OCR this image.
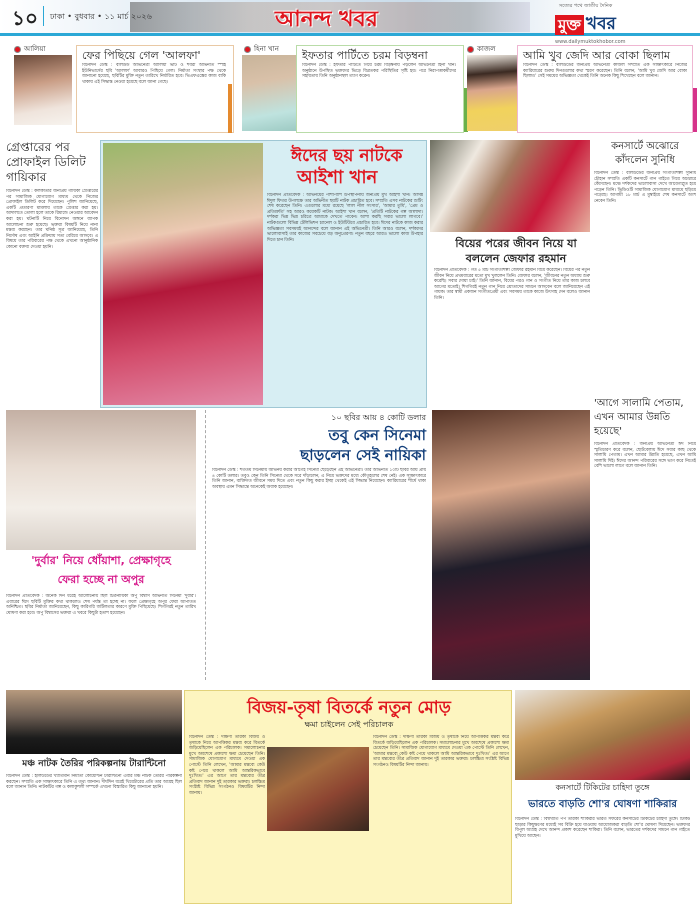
১০ ঢাকা • বুধবার • ১১ মার্চ ২০২৬	আনন্দ খবর	সত্যের পথে জাতীয় দৈনিক
মুক্ত খবর
www.dailymuktokhobor.com
আলিয়া	ফের পিছিয়ে গেল 'আলফা'
বিনোদন ডেস্ক : বলিউড অভিনেত্রী আলিয়া ভাট ও শর্বরী অভিনীত স্পাই ইউনিভার্সের ছবি 'আলফা' আবারও পিছিয়ে গেল। নির্মাতা সংস্থার পক্ষ থেকে জানানো হয়েছে, ছবিটির মুক্তি নতুন তারিখে নির্ধারিত হবে। ভিএফএক্সের কাজ বাকি থাকায় এই সিদ্ধান্ত নেওয়া হয়েছে বলে জানা গেছে।
হিনা খান ইফতার পার্টিতে চরম বিড়ম্বনা
বিনোদন ডেস্ক : ইফতার পার্টিতে গিয়ে চরম বিড়ম্বনায় পড়লেন অভিনেত্রী হিনা খান। অনুষ্ঠানে উপস্থিত ভক্তদের ভিড়ে বিব্রতকর পরিস্থিতির সৃষ্টি হয়। পরে নিরাপত্তাকর্মীদের সহায়তায় তিনি অনুষ্ঠানস্থল ত্যাগ করেন।
কাজল	আমি খুব জেদি আর বোকা ছিলাম
বিনোদন ডেস্ক : বলিউডের জনপ্রিয় অভিনেত্রী কাজল সম্প্রতি এক সাক্ষাৎকারে নিজের ক্যারিয়ারের শুরুর দিনগুলোর কথা স্মরণ করেছেন। তিনি বলেন, 'আমি খুব জেদি আর বোকা ছিলাম।' সেই সময়ের অভিজ্ঞতা থেকেই তিনি অনেক কিছু শিখেছেন বলে জানান।
গ্রেপ্তারের পর প্রোফাইল ডিলিট গায়িকার
বিনোদন ডেস্ক : কলকাতার জনপ্রিয় গায়িকা গ্রেপ্তারের পর সামাজিক যোগাযোগ মাধ্যম থেকে নিজের প্রোফাইল ডিলিট করে দিয়েছেন। পুলিশ জানিয়েছে, একটি প্রতারণা মামলায় তাকে গ্রেপ্তার করা হয়। আদালতে তোলা হলে তাকে রিমান্ডে নেওয়ার আবেদন করা হয়। ঘটনাটি নিয়ে বিনোদন অঙ্গনে ব্যাপক আলোচনা শুরু হয়েছে। ভক্তরা বিষয়টি নিয়ে নানা মন্তব্য করছেন। তার ঘনিষ্ঠ সূত্র জানিয়েছে, তিনি নির্দোষ এবং আইনি প্রক্রিয়ায় সত্য বেরিয়ে আসবে। এ বিষয়ে তার পরিবারের পক্ষ থেকে এখনো আনুষ্ঠানিক কোনো বক্তব্য দেওয়া হয়নি।
ঈদের ছয় নাটকে
আইশা খান
বিনোদন প্রতিবেদক : অভিনয়ের পাশাপাশি উপস্থাপনায় জনপ্রিয় মুখ আইশা খান। আসন্ন ঈদুল ফিতর উপলক্ষে তার অভিনীত ছয়টি নাটক প্রচারিত হবে। সম্প্রতি এসব নাটকের শুটিং শেষ করেছেন তিনি। এগুলোর মধ্যে রয়েছে 'লাল নীল সংসার', 'আমার তুমি', 'প্রেম ও প্রতিশ্রুতি' সহ আরও কয়েকটি নাটক। আইশা খান বলেন, 'প্রতিটি নাটকের গল্প আলাদা। দর্শকরা ভিন্ন ভিন্ন চরিত্রে আমাকে দেখতে পাবেন। আশা করছি সবার ভালো লাগবে।' নাটকগুলো বিভিন্ন টেলিভিশন চ্যানেল ও ইউটিউবে প্রচারিত হবে। ঈদের নাটকে কাজ করার অভিজ্ঞতা সবসময়ই আনন্দের বলে জানান এই অভিনেত্রী। তিনি আরও বলেন, দর্শকদের ভালোবাসাই তার কাজের সবচেয়ে বড় অনুপ্রেরণা। নতুন বছরে আরও ভালো কাজ উপহার দিতে চান তিনি।	বিয়ের পরের জীবন নিয়ে যা
বললেন জেফার রহমান
বিনোদন প্রতিবেদক : গত ৫ মার্চ সংগীতশিল্পী জেফার রহমান বিয়ে করেছেন। বিয়ের পর নতুন জীবন নিয়ে প্রথমবারের মতো মুখ খুললেন তিনি। জেফার বলেন, 'জীবনের নতুন অধ্যায় শুরু করেছি। সবার দোয়া চাই।' তিনি জানান, বিয়ের পরও গান ও সংগীত নিয়ে তার কাজ চলবে আগের মতোই। শিগগিরই নতুন গান নিয়ে শ্রোতাদের সামনে আসবেন বলে জানিয়েছেন এই গায়ক। তার স্বামী একজন সংগীতপ্রেমী এবং সবসময় তাকে কাজে উৎসাহ দেন বলেও জানান তিনি।
কনসার্টে অঝোরে কাঁদলেন সুনিধি
বিনোদন ডেস্ক : বলিউডের জনপ্রিয় সংগীতশিল্পী সুনিধি চৌহান সম্প্রতি একটি কনসার্টে গান গাইতে গিয়ে অঝোরে কেঁদেছেন। মঞ্চে দর্শকদের ভালোবাসা দেখে আবেগাপ্লুত হয়ে পড়েন তিনি। ভিডিওটি সামাজিক যোগাযোগ মাধ্যমে ছড়িয়ে পড়েছে। আগামী ১৮ মার্চ এ মুম্বাইয়ে শেষ কনসার্টে অংশ নেবেন তিনি।
'আগে সালামি পেতাম, এখন আমার উন্নতি হয়েছে'
বিনোদন প্রতিবেদক : জনপ্রিয় অভিনেত্রী ঈদ নিয়ে স্মৃতিচারণ করে বলেন, ছোটবেলায় ঈদে সবার কাছ থেকে সালামি পেতাম। এখন আমার উন্নতি হয়েছে, এখন আমি সালামি দিই। ঈদের আনন্দ পরিবারের সঙ্গে ভাগ করে নিতেই বেশি ভালো লাগে বলে জানান তিনি।
'দুর্বার' নিয়ে ধোঁয়াশা, প্রেক্ষাগৃহে
ফেরা হচ্ছে না অপুর
বিনোদন প্রতিবেদক : অনেক দিন ধরেই আলোচনায় ছিল চিত্রনায়িকা অপু বিশ্বাস অভিনীত সিনেমা 'দুর্বার'। এবারের ঈদে ছবিটি মুক্তির কথা থাকলেও শেষ পর্যন্ত তা হচ্ছে না। ফলে প্রেক্ষাগৃহে অপুর ফেরা আপাতত অনিশ্চিত। ছবির নির্মাতা জানিয়েছেন, কিছু কারিগরি জটিলতার কারণে মুক্তি পিছিয়েছে। শিগগিরই নতুন তারিখ ঘোষণা করা হবে। অপু বিশ্বাসের ভক্তরা এ খবরে কিছুটা হতাশ হয়েছেন।
১০ ছবির আয় ৪ কোটি ডলার
তবু কেন সিনেমা
ছাড়লেন সেই নায়িকা
বিনোদন ডেস্ক : শততম সিনেমায় অভিনয় করার আগেই সিনেমা ছেড়েছেন এই অভিনেত্রী। তার অভিনীত ১০টি ছবির আয় প্রায় ৪ কোটি ডলার। তবুও কেন তিনি সিনেমা থেকে সরে দাঁড়ালেন, এ নিয়ে ভক্তদের মধ্যে কৌতূহলের শেষ নেই। এক সাক্ষাৎকারে তিনি জানান, ব্যক্তিগত জীবনে সময় দিতে এবং নতুন কিছু করার ইচ্ছা থেকেই এই সিদ্ধান্ত নিয়েছেন। ক্যারিয়ারের শীর্ষে থাকা অবস্থায় এমন সিদ্ধান্তে অনেকেই অবাক হয়েছেন।
মঞ্চ নাটক তৈরির পরিকল্পনায় টারান্টিনো
বিনোদন ডেস্ক : হলিউডের খ্যাতিমান নির্মাতা কোয়েন্টিন টারান্টিনো এবার মঞ্চ নাটক তৈরির পরিকল্পনা করছেন। সম্প্রতি এক সাক্ষাৎকারে তিনি এ তথ্য জানান। দীর্ঘদিন ধরেই থিয়েটারের প্রতি তার আগ্রহ ছিল বলে জানান তিনি। নাটকটির গল্প ও কলাকুশলী সম্পর্কে এখনো বিস্তারিত কিছু জানানো হয়নি।
বিজয়-তৃষা বিতর্কে নতুন মোড়
ক্ষমা চাইলেন সেই পরিচালক
বিনোদন ডেস্ক : দক্ষিণী তারকা বিজয় ও তৃষাকে নিয়ে আপত্তিকর মন্তব্য করে বিতর্কে জড়িয়েছিলেন এক পরিচালক। সমালোচনার মুখে অবশেষে প্রকাশ্যে ক্ষমা চেয়েছেন তিনি। সামাজিক যোগাযোগ মাধ্যমে দেওয়া এক পোস্টে তিনি লেখেন, 'আমার মন্তব্যে কেউ কষ্ট পেয়ে থাকলে আমি আন্তরিকভাবে দুঃখিত।' এর আগে তার মন্তব্যের তীব্র প্রতিবাদ জানান দুই তারকার ভক্তরা। চলচ্চিত্র সংশ্লিষ্ট বিভিন্ন সংগঠনও বিষয়টির নিন্দা জানায়।
বিনোদন ডেস্ক : দক্ষিণী তারকা বিজয় ও তৃষাকে নিয়ে আপত্তিকর মন্তব্য করে বিতর্কে জড়িয়েছিলেন এক পরিচালক। সমালোচনার মুখে অবশেষে প্রকাশ্যে ক্ষমা চেয়েছেন তিনি। সামাজিক যোগাযোগ মাধ্যমে দেওয়া এক পোস্টে তিনি লেখেন, 'আমার মন্তব্যে কেউ কষ্ট পেয়ে থাকলে আমি আন্তরিকভাবে দুঃখিত।' এর আগে তার মন্তব্যের তীব্র প্রতিবাদ জানান দুই তারকার ভক্তরা। চলচ্চিত্র সংশ্লিষ্ট বিভিন্ন সংগঠনও বিষয়টির নিন্দা জানায়।
কনসার্টে টিকিটের চাহিদা তুঙ্গে
ভারতে বাড়তি শো'র ঘোষণা শাকিরার
বিনোদন ডেস্ক : বিশ্বখ্যাত পপ তারকা শাকিরার ভারত সফরের কনসার্টের টিকিটের চাহিদা তুঙ্গে। টিকিট ছাড়ার কিছুক্ষণের মধ্যেই সব বিক্রি হয়ে যাওয়ায় আয়োজকরা বাড়তি শো'র ঘোষণা দিয়েছেন। ভক্তদের বিপুল আগ্রহ দেখে আনন্দ প্রকাশ করেছেন শাকিরা। তিনি বলেন, ভারতের দর্শকদের সামনে গান গাইতে মুখিয়ে আছেন।
